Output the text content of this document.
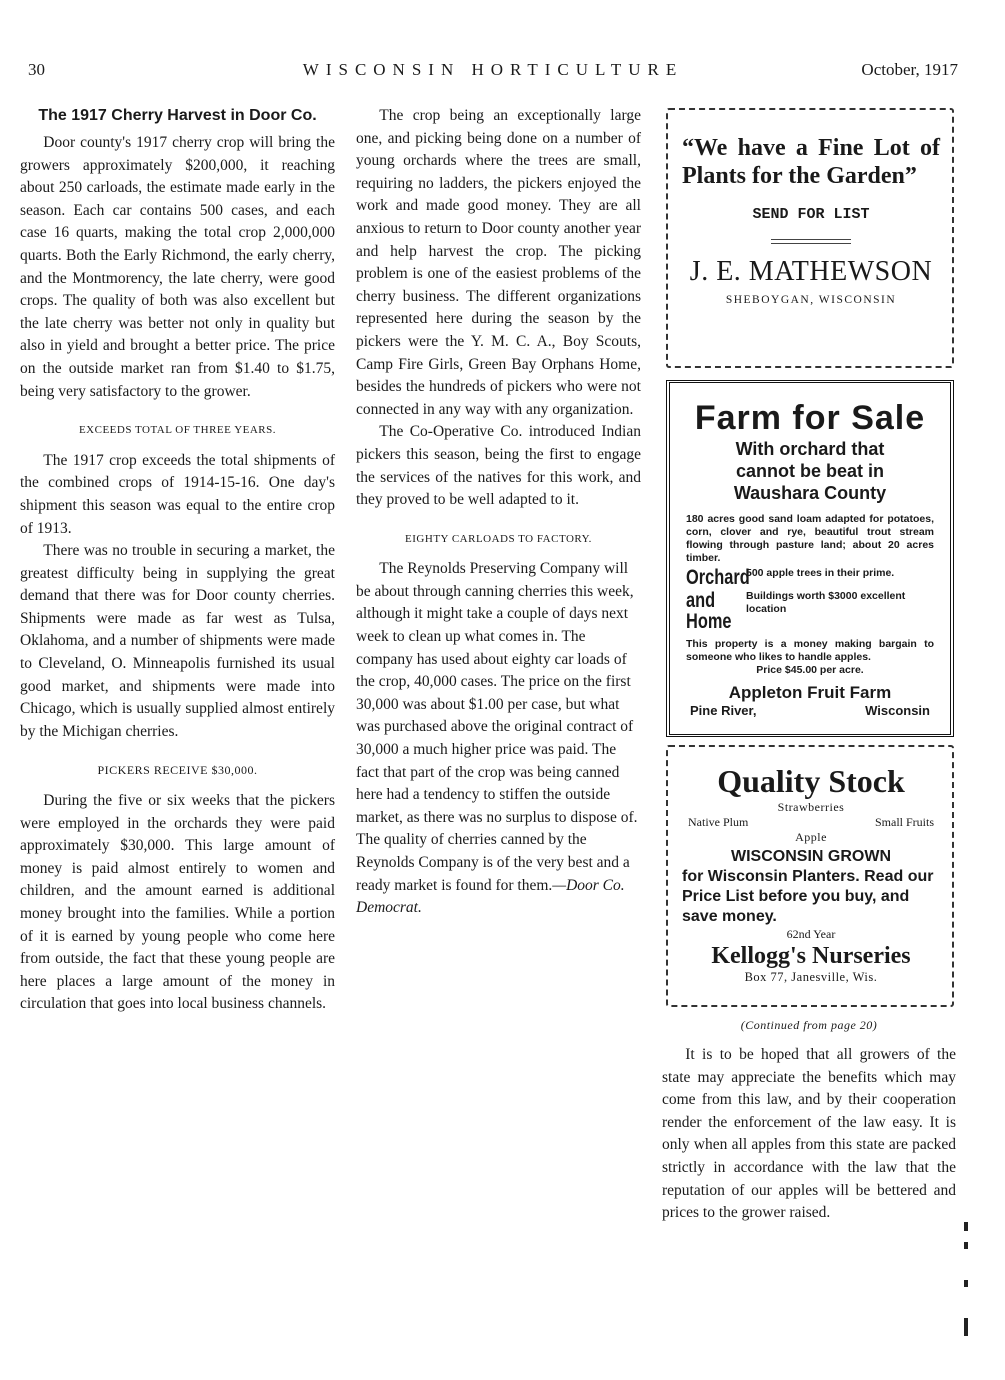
WISCONSIN HORTICULTURE
30	October, 1917
The 1917 Cherry Harvest in Door Co.

Door county's 1917 cherry crop will bring the growers approximately $200,000, it reaching about 250 carloads, the estimate made early in the season. Each car contains 500 cases, and each case 16 quarts, making the total crop 2,000,000 quarts. Both the Early Richmond, the early cherry, and the Montmorency, the late cherry, were good crops. The quality of both was also excellent but the late cherry was better not only in quality but also in yield and brought a better price. The price on the outside market ran from $1.40 to $1.75, being very satisfactory to the grower.

EXCEEDS TOTAL OF THREE YEARS.

The 1917 crop exceeds the total shipments of the combined crops of 1914-15-16. One day's shipment this season was equal to the entire crop of 1913.

There was no trouble in securing a market, the greatest difficulty being in supplying the great demand that there was for Door county cherries. Shipments were made as far west as Tulsa, Oklahoma, and a number of shipments were made to Cleveland, O. Minneapolis furnished its usual good market, and shipments were made into Chicago, which is usually supplied almost entirely by the Michigan cherries.

PICKERS RECEIVE $30,000.

During the five or six weeks that the pickers were employed in the orchards they were paid approximately $30,000. This large amount of money is paid almost entirely to women and children, and the amount earned is additional money brought into the families. While a portion of it is earned by young people who come here from outside, the fact that these young people are here places a large amount of the money in circulation that goes into local business channels.

The crop being an exceptionally large one, and picking being done on a number of young orchards where the trees are small, requiring no ladders, the pickers enjoyed the work and made good money. They are all anxious to return to Door county another year and help harvest the crop. The picking problem is one of the easiest problems of the cherry business. The different organizations represented here during the season by the pickers were the Y. M. C. A., Boy Scouts, Camp Fire Girls, Green Bay Orphans Home, besides the hundreds of pickers who were not connected in any way with any organization.

The Co-Operative Co. introduced Indian pickers this season, being the first to engage the services of the natives for this work, and they proved to be well adapted to it.

EIGHTY CARLOADS TO FACTORY.

The Reynolds Preserving Company will be about through canning cherries this week, although it might take a couple of days next week to clean up what comes in. The company has used about eighty car loads of the crop, 40,000 cases. The price on the first 30,000 was about $1.00 per case, but what was purchased above the original contract of 30,000 a much higher price was paid. The fact that part of the crop was being canned here had a tendency to stiffen the outside market, as there was no surplus to dispose of. The quality of cherries canned by the Reynolds Company is of the very best and a ready market is found for them.—Door Co. Democrat.

“We have a Fine Lot of Plants for the Garden”
SEND FOR LIST
J. E. MATHEWSON
SHEBOYGAN, WISCONSIN
Farm for Sale
With orchard that
cannot be beat in
Waushara County
180 acres good sand loam adapted for potatoes, corn, clover and rye, beautiful trout stream flowing through pasture land; about 20 acres timber.
Orchard
500 apple trees in their prime.
and Home
Buildings worth $3000 excellent location
This property is a money making bargain to someone who likes to handle apples.
Price $45.00 per acre.
Appleton Fruit Farm
Pine River,	Wisconsin
Quality Stock
Strawberries
Native Plum	Small Fruits
Apple
WISCONSIN GROWN
for Wisconsin Planters. Read our Price List before you buy, and save money.
62nd Year
Kellogg's Nurseries
Box 77, Janesville, Wis.
(Continued from page 20)

It is to be hoped that all growers of the state may appreciate the benefits which may come from this law, and by their cooperation render the enforcement of the law easy. It is only when all apples from this state are packed strictly in accordance with the law that the reputation of our apples will be bettered and prices to the grower raised.
